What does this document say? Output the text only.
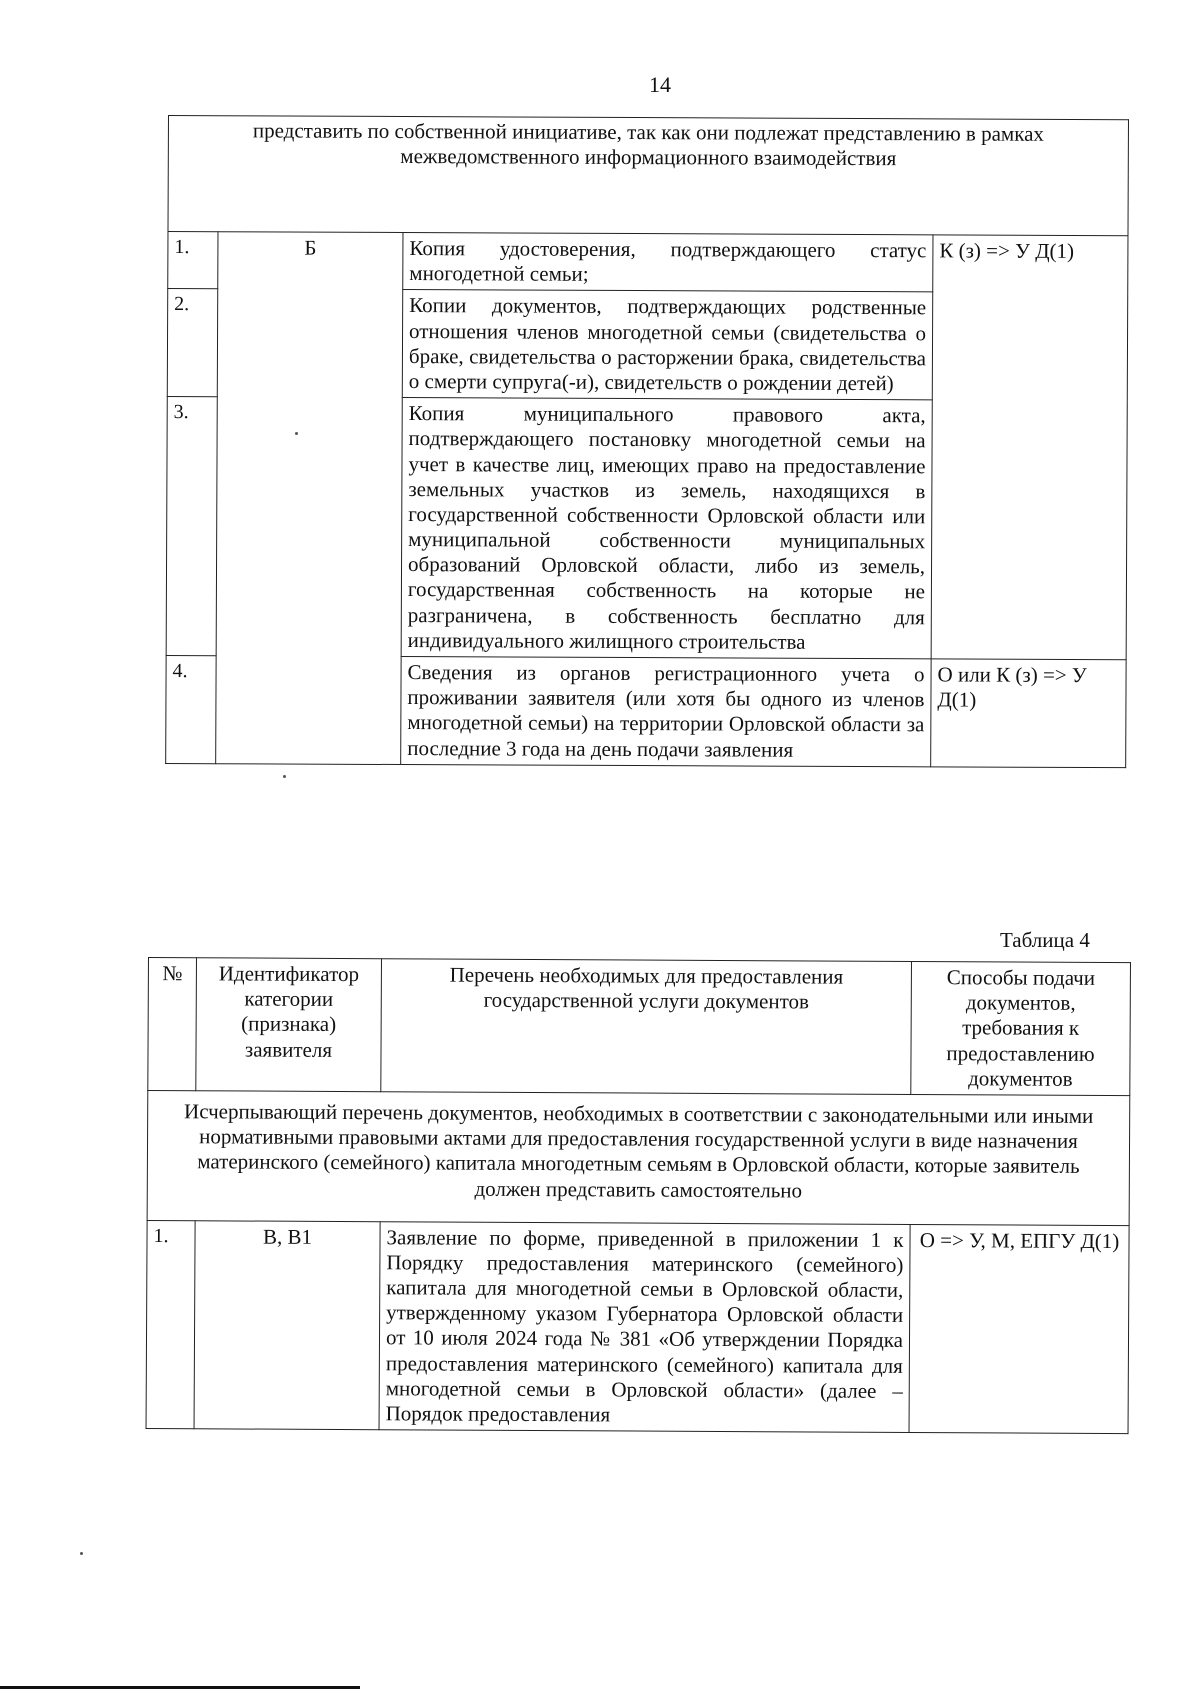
14
представить по собственной инициативе, так как они подлежат представлению в рамках межведомственного информационного взаимодействия			
1.	Б	Копия удостоверения, подтверждающего статус многодетной семьи;	К (з) => У Д(1)
2.		Копии документов, подтверждающих родственные отношения членов многодетной семьи (свидетельства о браке, свидетельства о расторжении брака, свидетельства о смерти супруга(-и), свидетельств о рождении детей)	
3.		Копия муниципального правового акта, подтверждающего постановку многодетной семьи на учет в качестве лиц, имеющих право на предоставление земельных участков из земель, находящихся в государственной собственности Орловской области или муниципальной собственности муниципальных образований Орловской области, либо из земель, государственная собственность на которые не разграничена, в собственность бесплатно для индивидуального жилищного строительства	
4.		Сведения из органов регистрационного учета о проживании заявителя (или хотя бы одного из членов многодетной семьи) на территории Орловской области за последние 3 года на день подачи заявления	О или К (з) => У Д(1)
Таблица 4
№	Идентификатор категории (признака) заявителя	Перечень необходимых для предоставления государственной услуги документов	Способы подачи документов, требования к предоставлению документов
Исчерпывающий перечень документов, необходимых в соответствии с законодательными или иными нормативными правовыми актами для предоставления государственной услуги в виде назначения материнского (семейного) капитала многодетным семьям в Орловской области, которые заявитель должен представить самостоятельно			
1.	В, В1	Заявление по форме, приведенной в приложении 1 к Порядку предоставления материнского (семейного) капитала для многодетной семьи в Орловской области, утвержденному указом Губернатора Орловской области от 10 июля 2024 года № 381 «Об утверждении Порядка предоставления материнского (семейного) капитала для многодетной семьи в Орловской области» (далее – Порядок предоставления	О => У, М, ЕПГУ Д(1)
